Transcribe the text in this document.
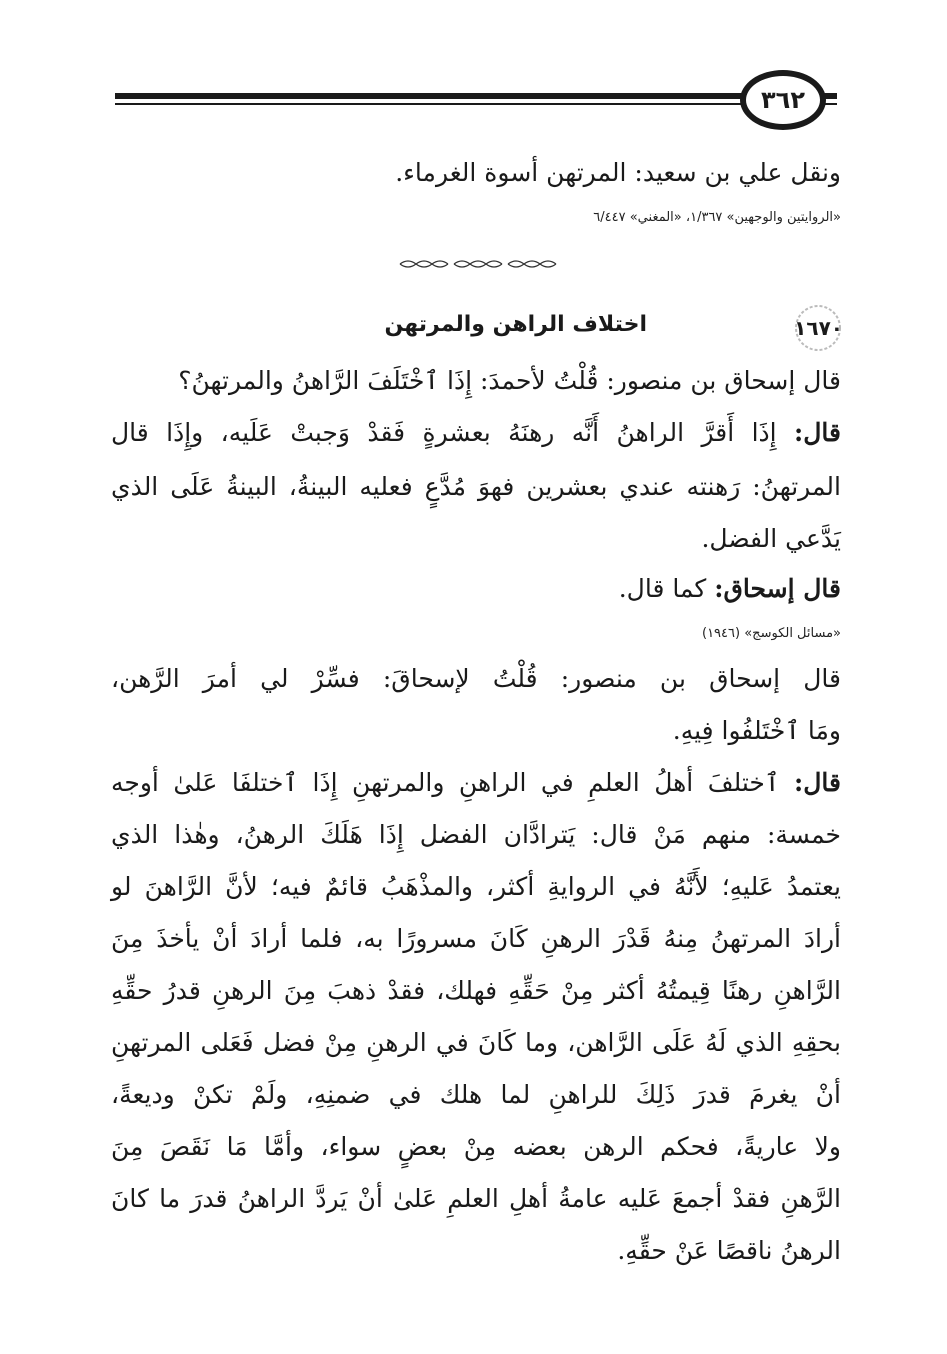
٣٦٢
ونقل علي بن سعيد: المرتهن أسوة الغرماء.
«الروايتين والوجهين» ١/٣٦٧، «المغني» ٦/٤٤٧
١٦٧٠
اختلاف الراهن والمرتهن
قال إسحاق بن منصور: قُلْتُ لأحمدَ: إِذَا ٱخْتَلَفَ الرَّاهنُ والمرتهنُ؟
قال: إِذَا أَقرَّ الراهنُ أَنَّه رهنَهُ بعشرةٍ فَقدْ وَجبتْ عَلَيه، وإِذَا قال
المرتهنُ: رَهنته عندي بعشرين فهوَ مُدَّعٍ فعليه البينةُ، البينةُ عَلَى الذي
يَدَّعي الفضل.
قال إسحاق: كما قال.
«مسائل الكوسج» (١٩٤٦)
قال إسحاق بن منصور: قُلْتُ لإسحاقَ: فسِّرْ لي أمرَ الرَّهن،
ومَا ٱخْتَلفُوا فِيهِ.
قال: ٱختلفَ أهلُ العلمِ في الراهنِ والمرتهنِ إِذَا ٱختلفَا عَلىٰ أوجه
خمسة: منهم مَنْ قال: يَترادَّان الفضل إِذَا هَلَكَ الرهنُ، وهٰذا الذي
يعتمدُ عَليهِ؛ لأَنَّهُ في الروايةِ أكثر، والمذْهَبُ قائمٌ فيه؛ لأنَّ الرَّاهنَ لو
أرادَ المرتهنُ مِنهُ قَدْرَ الرهنِ كَانَ مسرورًا به، فلما أرادَ أنْ يأخذَ مِنَ
الرَّاهنِ رهنًا قِيمتُهُ أكثر مِنْ حَقِّهِ فهلك، فقدْ ذهبَ مِنَ الرهنِ قدرُ حقِّهِ
بحقِهِ الذي لَهُ عَلَى الرَّاهن، وما كَانَ في الرهنِ مِنْ فضل فَعَلى المرتهنِ
أنْ يغرمَ قدرَ ذَلِكَ للراهنِ لما هلك في ضمنِهِ، ولَمْ تكنْ وديعةً،
ولا عاريةً، فحكم الرهن بعضه مِنْ بعضٍ سواء، وأمَّا مَا نَقَصَ مِنَ
الرَّهنِ فقدْ أجمعَ عَليه عامةُ أهلِ العلمِ عَلىٰ أنْ يَردَّ الراهنُ قدرَ ما كانَ
الرهنُ ناقصًا عَنْ حقِّهِ.
